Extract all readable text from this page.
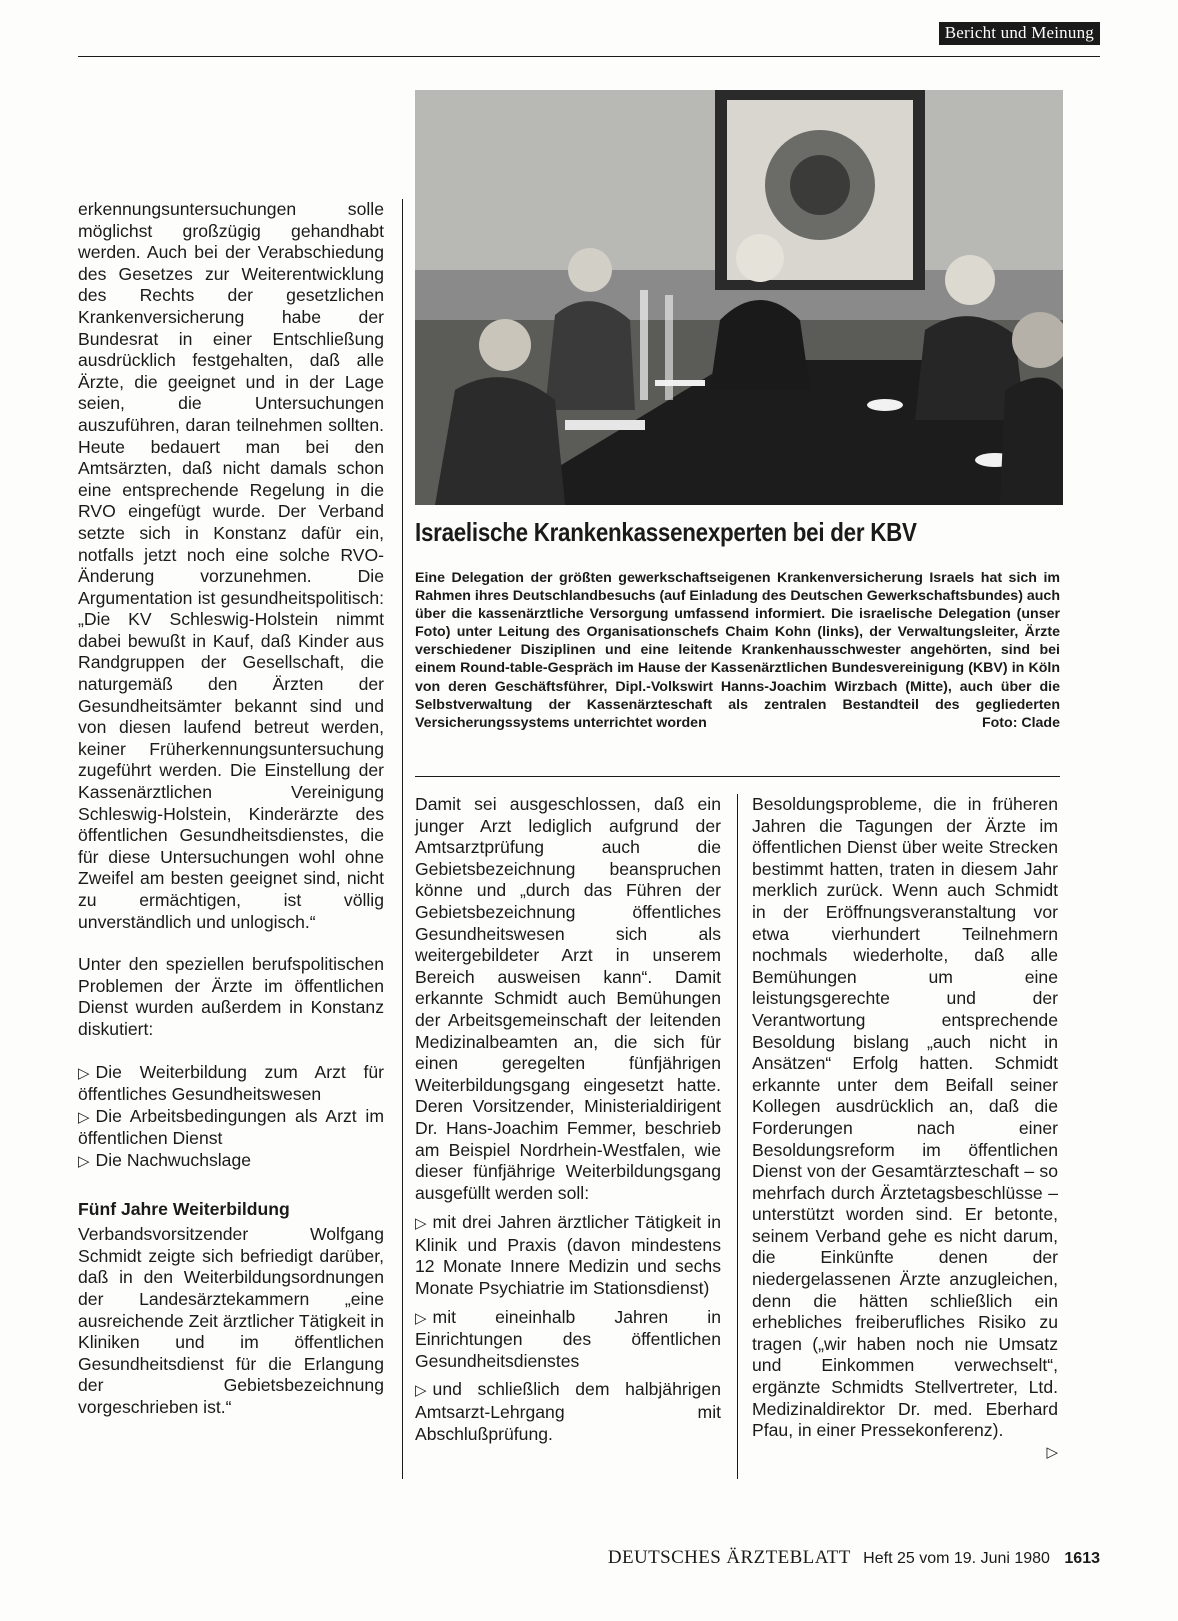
Bericht und Meinung

erkennungsuntersuchungen solle möglichst großzügig gehandhabt werden. Auch bei der Verabschiedung des Gesetzes zur Weiterentwicklung des Rechts der gesetzlichen Krankenversicherung habe der Bundesrat in einer Entschließung ausdrücklich festgehalten, daß alle Ärzte, die geeignet und in der Lage seien, die Untersuchungen auszuführen, daran teilnehmen sollten. Heute bedauert man bei den Amtsärzten, daß nicht damals schon eine entsprechende Regelung in die RVO eingefügt wurde. Der Verband setzte sich in Konstanz dafür ein, notfalls jetzt noch eine solche RVO-Änderung vorzunehmen. Die Argumentation ist gesundheitspolitisch: „Die KV Schleswig-Holstein nimmt dabei bewußt in Kauf, daß Kinder aus Randgruppen der Gesellschaft, die naturgemäß den Ärzten der Gesundheitsämter bekannt sind und von diesen laufend betreut werden, keiner Früherkennungsuntersuchung zugeführt werden. Die Einstellung der Kassenärztlichen Vereinigung Schleswig-Holstein, Kinderärzte des öffentlichen Gesundheitsdienstes, die für diese Untersuchungen wohl ohne Zweifel am besten geeignet sind, nicht zu ermächtigen, ist völlig unverständlich und unlogisch.“

Unter den speziellen berufspolitischen Problemen der Ärzte im öffentlichen Dienst wurden außerdem in Konstanz diskutiert:

▷ Die Weiterbildung zum Arzt für öffentliches Gesundheitswesen
▷ Die Arbeitsbedingungen als Arzt im öffentlichen Dienst
▷ Die Nachwuchslage
Fünf Jahre Weiterbildung

Verbandsvorsitzender Wolfgang Schmidt zeigte sich befriedigt darüber, daß in den Weiterbildungsordnungen der Landesärztekammern „eine ausreichende Zeit ärztlicher Tätigkeit in Kliniken und im öffentlichen Gesundheitsdienst für die Erlangung der Gebietsbezeichnung vorgeschrieben ist.“

Israelische Krankenkassenexperten bei der KBV
Eine Delegation der größten gewerkschaftseigenen Krankenversicherung Israels hat sich im Rahmen ihres Deutschlandbesuchs (auf Einladung des Deutschen Gewerkschaftsbundes) auch über die kassenärztliche Versorgung umfassend informiert. Die israelische Delegation (unser Foto) unter Leitung des Organisationschefs Chaim Kohn (links), der Verwaltungsleiter, Ärzte verschiedener Disziplinen und eine leitende Krankenhausschwester angehörten, sind bei einem Round-table-Gespräch im Hause der Kassenärztlichen Bundesvereinigung (KBV) in Köln von deren Geschäftsführer, Dipl.-Volkswirt Hanns-Joachim Wirzbach (Mitte), auch über die Selbstverwaltung der Kassenärzteschaft als zentralen Bestandteil des gegliederten Versicherungssystems unterrichtet worden	Foto: Clade

Damit sei ausgeschlossen, daß ein junger Arzt lediglich aufgrund der Amtsarztprüfung auch die Gebietsbezeichnung beanspruchen könne und „durch das Führen der Gebietsbezeichnung öffentliches Gesundheitswesen sich als weitergebildeter Arzt in unserem Bereich ausweisen kann“. Damit erkannte Schmidt auch Bemühungen der Arbeitsgemeinschaft der leitenden Medizinalbeamten an, die sich für einen geregelten fünfjährigen Weiterbildungsgang eingesetzt hatte. Deren Vorsitzender, Ministerialdirigent Dr. Hans-Joachim Femmer, beschrieb am Beispiel Nordrhein-Westfalen, wie dieser fünfjährige Weiterbildungsgang ausgefüllt werden soll:

▷ mit drei Jahren ärztlicher Tätigkeit in Klinik und Praxis (davon mindestens 12 Monate Innere Medizin und sechs Monate Psychiatrie im Stationsdienst)
▷ mit eineinhalb Jahren in Einrichtungen des öffentlichen Gesundheitsdienstes
▷ und schließlich dem halbjährigen Amtsarzt-Lehrgang mit Abschlußprüfung.

Besoldungsprobleme, die in früheren Jahren die Tagungen der Ärzte im öffentlichen Dienst über weite Strecken bestimmt hatten, traten in diesem Jahr merklich zurück. Wenn auch Schmidt in der Eröffnungsveranstaltung vor etwa vierhundert Teilnehmern nochmals wiederholte, daß alle Bemühungen um eine leistungsgerechte und der Verantwortung entsprechende Besoldung bislang „auch nicht in Ansätzen“ Erfolg hatten. Schmidt erkannte unter dem Beifall seiner Kollegen ausdrücklich an, daß die Forderungen nach einer Besoldungsreform im öffentlichen Dienst von der Gesamtärzteschaft – so mehrfach durch Ärztetagsbeschlüsse – unterstützt worden sind. Er betonte, seinem Verband gehe es nicht darum, die Einkünfte denen der niedergelassenen Ärzte anzugleichen, denn die hätten schließlich ein erhebliches freiberufliches Risiko zu tragen („wir haben noch nie Umsatz und Einkommen verwechselt“, ergänzte Schmidts Stellvertreter, Ltd. Medizinaldirektor Dr. med. Eberhard Pfau, in einer Pressekonferenz).

▷
DEUTSCHES ÄRZTEBLATT Heft 25 vom 19. Juni 1980 1613
